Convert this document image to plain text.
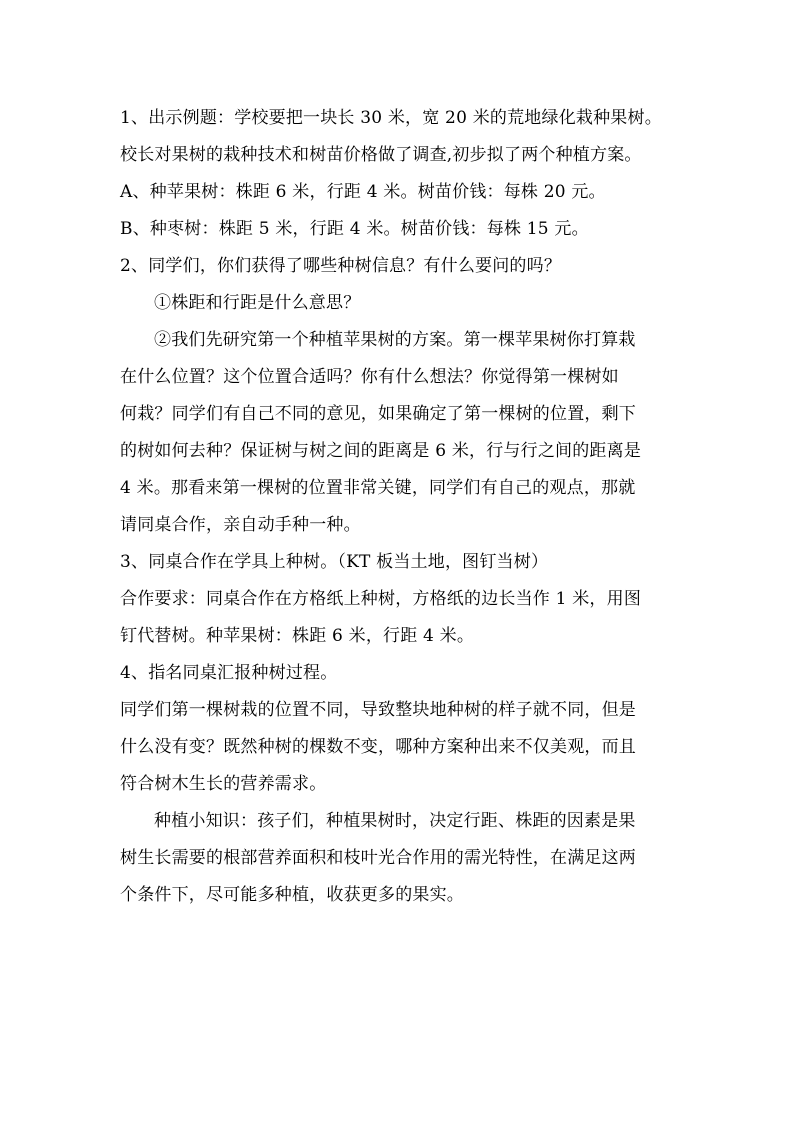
1、出示例题：学校要把一块长 30 米，宽 20 米的荒地绿化栽种果树。
校长对果树的栽种技术和树苗价格做了调查,初步拟了两个种植方案。
A、种苹果树：株距 6 米，行距 4 米。树苗价钱：每株 20 元。
B、种枣树：株距 5 米，行距 4 米。树苗价钱：每株 15 元。
2、同学们，你们获得了哪些种树信息？有什么要问的吗？
①株距和行距是什么意思？
②我们先研究第一个种植苹果树的方案。第一棵苹果树你打算栽
在什么位置？这个位置合适吗？你有什么想法？你觉得第一棵树如
何栽？同学们有自己不同的意见，如果确定了第一棵树的位置，剩下
的树如何去种？保证树与树之间的距离是 6 米，行与行之间的距离是
4 米。那看来第一棵树的位置非常关键，同学们有自己的观点，那就
请同桌合作，亲自动手种一种。
3、同桌合作在学具上种树。（KT 板当土地，图钉当树）
合作要求：同桌合作在方格纸上种树，方格纸的边长当作 1 米，用图
钉代替树。种苹果树：株距 6 米，行距 4 米。
4、指名同桌汇报种树过程。
同学们第一棵树栽的位置不同，导致整块地种树的样子就不同，但是
什么没有变？既然种树的棵数不变，哪种方案种出来不仅美观，而且
符合树木生长的营养需求。
种植小知识：孩子们，种植果树时，决定行距、株距的因素是果
树生长需要的根部营养面积和枝叶光合作用的需光特性，在满足这两
个条件下，尽可能多种植，收获更多的果实。
